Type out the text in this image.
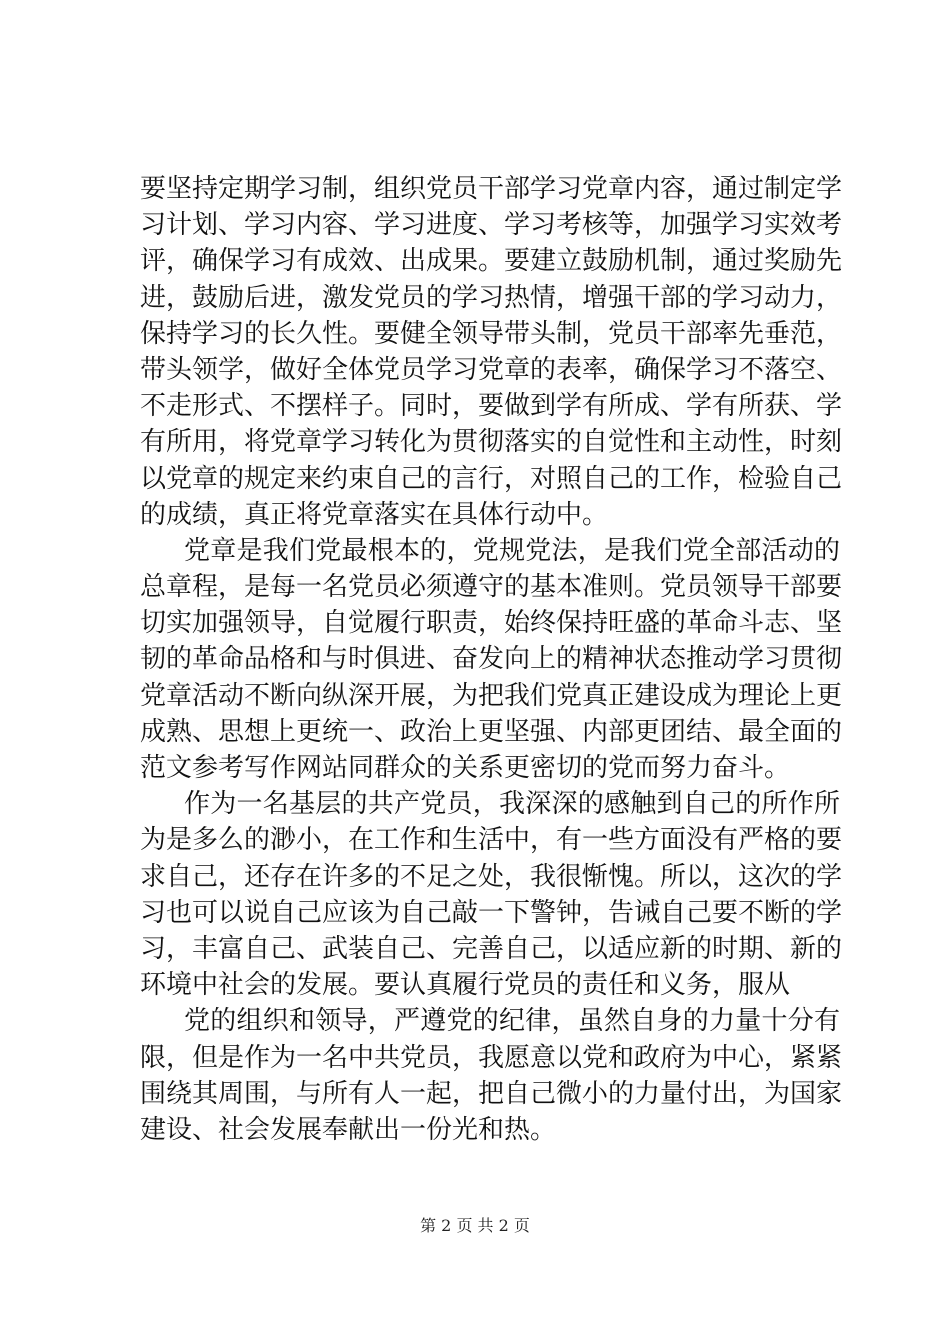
要坚持定期学习制，组织党员干部学习党章内容，通过制定学
习计划、学习内容、学习进度、学习考核等，加强学习实效考
评，确保学习有成效、出成果。要建立鼓励机制，通过奖励先
进，鼓励后进，激发党员的学习热情，增强干部的学习动力，
保持学习的长久性。要健全领导带头制，党员干部率先垂范，
带头领学，做好全体党员学习党章的表率，确保学习不落空、
不走形式、不摆样子。同时，要做到学有所成、学有所获、学
有所用，将党章学习转化为贯彻落实的自觉性和主动性，时刻
以党章的规定来约束自己的言行，对照自己的工作，检验自己
的成绩，真正将党章落实在具体行动中。
党章是我们党最根本的，党规党法，是我们党全部活动的
总章程，是每一名党员必须遵守的基本准则。党员领导干部要
切实加强领导，自觉履行职责，始终保持旺盛的革命斗志、坚
韧的革命品格和与时俱进、奋发向上的精神状态推动学习贯彻
党章活动不断向纵深开展，为把我们党真正建设成为理论上更
成熟、思想上更统一、政治上更坚强、内部更团结、最全面的
范文参考写作网站同群众的关系更密切的党而努力奋斗。
作为一名基层的共产党员，我深深的感触到自己的所作所
为是多么的渺小，在工作和生活中，有一些方面没有严格的要
求自己，还存在许多的不足之处，我很惭愧。所以，这次的学
习也可以说自己应该为自己敲一下警钟，告诫自己要不断的学
习，丰富自己、武装自己、完善自己，以适应新的时期、新的
环境中社会的发展。要认真履行党员的责任和义务，服从
党的组织和领导，严遵党的纪律，虽然自身的力量十分有
限，但是作为一名中共党员，我愿意以党和政府为中心，紧紧
围绕其周围，与所有人一起，把自己微小的力量付出，为国家
建设、社会发展奉献出一份光和热。
第 2 页 共 2 页
